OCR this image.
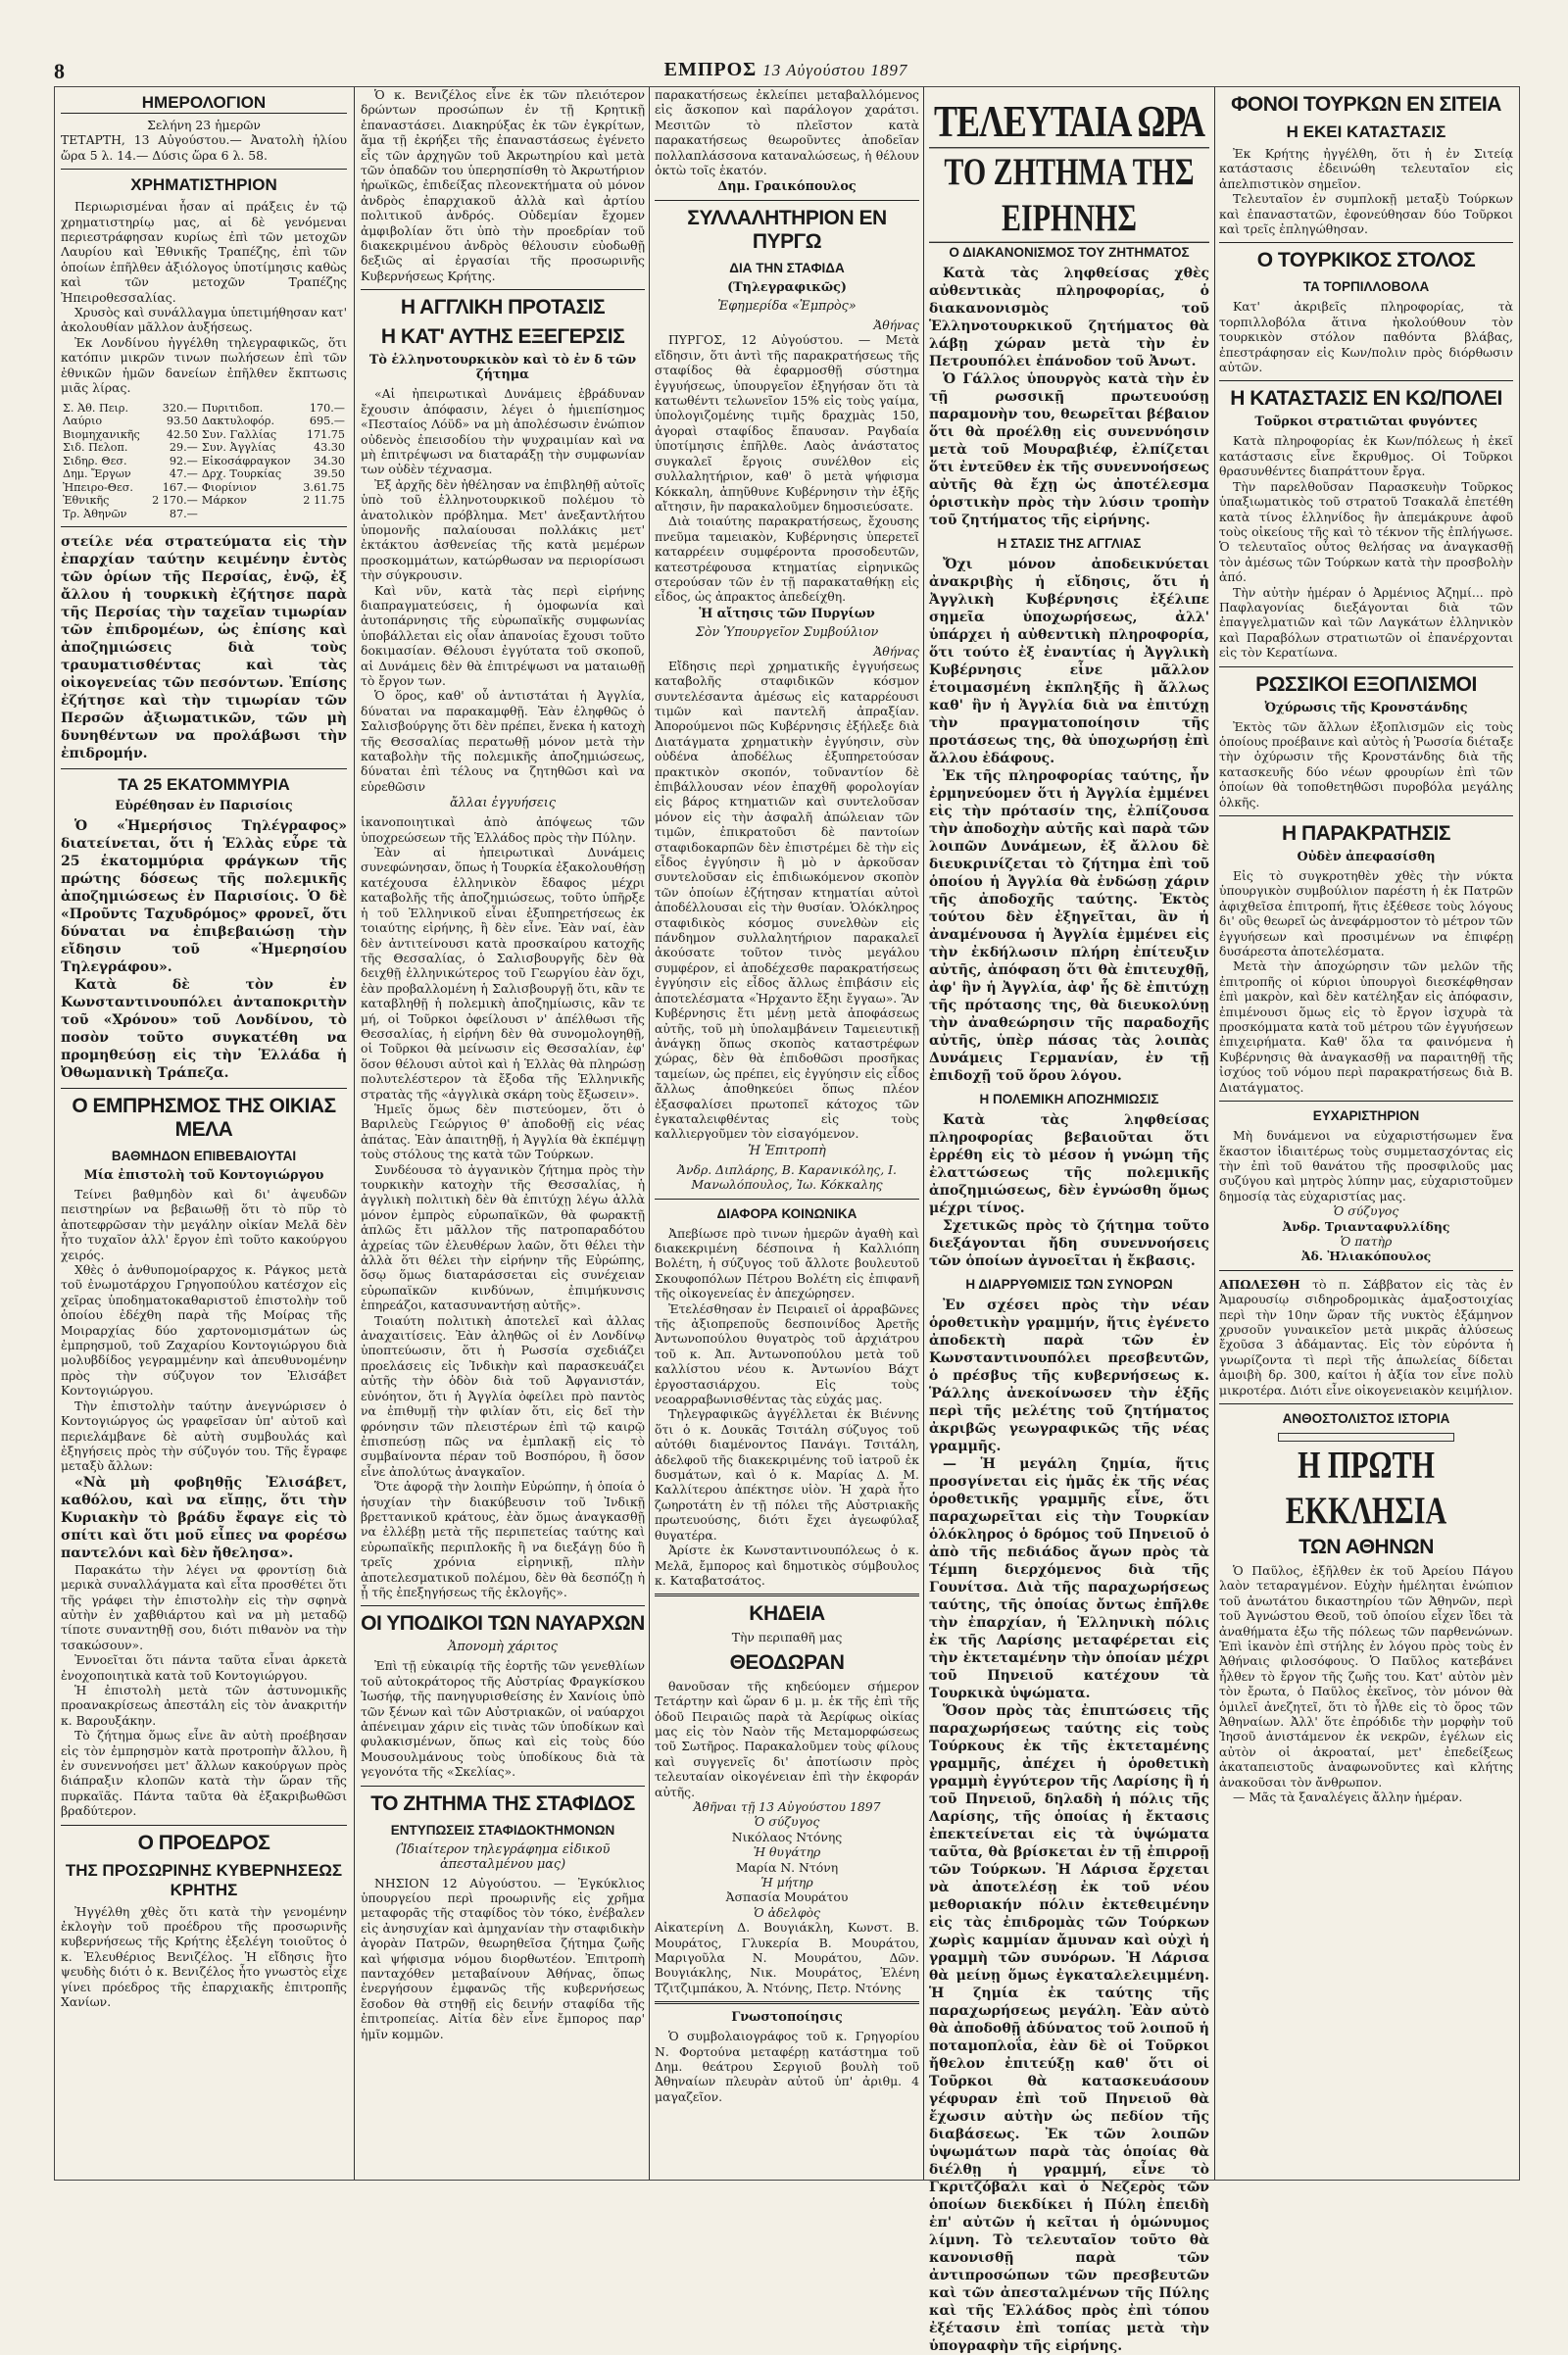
8	ΕΜΠΡΟΣ 13 Αὐγούστου 1897
ΗΜΕΡΟΛΟΓΙΟΝ

Σελήνη 23 ἡμερῶν

ΤΕΤΑΡΤΗ, 13 Αὐγούστου.— Ἀνατολὴ ἡλίου ὥρα 5 λ. 14.— Δύσις ὥρα 6 λ. 58.

ΧΡΗΜΑΤΙΣΤΗΡΙΟΝ

Περιωρισμέναι ἦσαν αἱ πράξεις ἐν τῷ χρηματιστηρίῳ μας, αἱ δὲ γενόμεναι περιεστράφησαν κυρίως ἐπὶ τῶν μετοχῶν Λαυρίου καὶ Ἐθνικῆς Τραπέζης, ἐπὶ τῶν ὁποίων ἐπῆλθεν ἀξιόλογος ὑποτίμησις καθὼς καὶ τῶν μετοχῶν Τραπέζης Ἠπειροθεσσαλίας.

Χρυσὸς καὶ συνάλλαγμα ὑπετιμήθησαν κατ' ἀκολουθίαν μᾶλλον ἀυξήσεως.

Ἐκ Λονδίνου ἠγγέλθη τηλεγραφικῶς, ὅτι κατόπιν μικρῶν τινων πωλήσεων ἐπὶ τῶν ἐθνικῶν ἡμῶν δανείων ἐπῆλθεν ἔκπτωσις μιᾶς λίρας.

Σ. Ἀθ. Πειρ.	320.—	Πυριτιδοπ.	170.—
Λαύριο	93.50	Δακτυλοφόρ.	695.—
Βιομηχανικῆς	42.50	Συν. Γαλλίας	171.75
Σιδ. Πελοπ.	29.—	Συν. Ἀγγλίας	43.30
Σιδηρ. Θεσ.	92.—	Εἰκοσάφραγκον	34.30
Δημ. Ἔργων	47.—	Δρχ. Τουρκίας	39.50
Ἠπειρο-Θεσ.	167.—	Φιορίνιον	3.61.75
Ἐθνικῆς	2 170.—	Μάρκον	2 11.75
Τρ. Ἀθηνῶν	87.—		

στείλε νέα στρατεύματα εἰς τὴν ἐπαρχίαν ταύτην κειμένην ἐντὸς τῶν ὁρίων τῆς Περσίας, ἐνῷ, ἐξ ἄλλου ἡ τουρκικὴ ἐζήτησε παρὰ τῆς Περσίας τὴν ταχεῖαν τιμωρίαν τῶν ἐπιδρομέων, ὡς ἐπίσης καὶ ἀποζημιώσεις διὰ τοὺς τραυματισθέντας καὶ τὰς οἰκογενείας τῶν πεσόντων. Ἐπίσης ἐζήτησε καὶ τὴν τιμωρίαν τῶν Περσῶν ἀξιωματικῶν, τῶν μὴ δυνηθέντων να προλάβωσι τὴν ἐπιδρομήν.

ΤΑ 25 ΕΚΑΤΟΜΜΥΡΙΑ
Εὐρέθησαν ἐν Παρισίοις

Ὁ «Ἡμερήσιος Τηλέγραφος» διατείνεται, ὅτι ἡ Ἑλλὰς εὗρε τὰ 25 ἑκατομμύρια φράγκων τῆς πρώτης δόσεως τῆς πολεμικῆς ἀποζημιώσεως ἐν Παρισίοις. Ὁ δὲ «Προῦντς Ταχυδρόμος» φρονεῖ, ὅτι δύναται να ἐπιβεβαιώσῃ τὴν εἴδησιν τοῦ «Ἡμερησίου Τηλεγράφου».

Κατὰ δὲ τὸν ἐν Κωνσταντινουπόλει ἀνταποκριτὴν τοῦ «Χρόνου» τοῦ Λονδίνου, τὸ ποσὸν τοῦτο συγκατέθη να προμηθεύσῃ εἰς τὴν Ἑλλάδα ἡ Ὀθωμανικὴ Τράπεζα.

Ο ΕΜΠΡΗΣΜΟΣ ΤΗΣ ΟΙΚΙΑΣ ΜΕΛΑ
ΒΑΘΜΗΔΟΝ ΕΠΙΒΕΒΑΙΟΥΤΑΙ
Μία ἐπιστολὴ τοῦ Κοντογιώργου

Τείνει βαθμηδὸν καὶ δι' ἀψευδῶν πειστηρίων να βεβαιωθῇ ὅτι τὸ πῦρ τὸ ἀποτεφρῶσαν τὴν μεγάλην οἰκίαν Μελᾶ δὲν ἦτο τυχαῖον ἀλλ' ἔργον ἐπὶ τοῦτο κακούργου χειρός.

Χθὲς ὁ ἀνθυπομοίραρχος κ. Ράγκος μετὰ τοῦ ἐνωμοτάρχου Γρηγοπούλου κατέσχον εἰς χεῖρας ὑποδηματοκαθαριστοῦ ἐπιστολὴν τοῦ ὁποίου ἐδέχθη παρὰ τῆς Μοίρας τῆς Μοιραρχίας δύο χαρτονομισμάτων ὡς ἐμπρησμοῦ, τοῦ Ζαχαρίου Κοντογιώργου διὰ μολυβδίδος γεγραμμένην καὶ ἀπευθυνομένην πρὸς τὴν σύζυγον τον Ἐλισάβετ Κοντογιώργου.

Τὴν ἐπιστολὴν ταύτην ἀνεγνώρισεν ὁ Κοντογιώργος ὡς γραφεῖσαν ὑπ' αὐτοῦ καὶ περιελάμβανε δὲ αὐτὴ συμβουλάς καὶ ἐξηγήσεις πρὸς τὴν σύζυγόν του. Τῆς ἔγραφε μεταξὺ ἄλλων:

«Νὰ μὴ φοβηθῇς Ἐλισάβετ, καθόλου, καὶ να εἴπῃς, ὅτι τὴν Κυριακὴν τὸ βράδυ ἔφαγε εἰς τὸ σπίτι καὶ ὅτι μοῦ εἶπες να φορέσω παντελόνι καὶ δὲν ἤθελησα».

Παρακάτω τὴν λέγει να φροντίσῃ διὰ μερικὰ συναλλάγματα καὶ εἶτα προσθέτει ὅτι τῆς γράφει τὴν ἐπιστολὴν εἰς τὴν σφηνὰ αὐτὴν ἐν χαβθιάρτου καὶ να μὴ μεταδῷ τίποτε συναντηθῇ σου, διότι πιθανὸν να τὴν τσακώσουν».

Ἐννοεῖται ὅτι πάντα ταῦτα εἶναι ἀρκετὰ ἐνοχοποιητικὰ κατὰ τοῦ Κοντογιώργου.

Ἡ ἐπιστολὴ μετὰ τῶν ἀστυνομικῆς προανακρίσεως ἀπεστάλη εἰς τὸν ἀνακριτήν κ. Βαρουξάκην.

Τὸ ζήτημα ὅμως εἶνε ἂν αὐτὴ προέβησαν εἰς τὸν ἐμπρησμὸν κατὰ προτροπὴν ἄλλου, ἢ ἐν συνεννοήσει μετ' ἄλλων κακούργων πρὸς διάπραξιν κλοπῶν κατὰ τὴν ὥραν τῆς πυρκαϊᾶς. Πάντα ταῦτα θὰ ἐξακριβωθῶσι βραδύτερον.

Ο ΠΡΟΕΔΡΟΣ
ΤΗΣ ΠΡΟΣΩΡΙΝΗΣ ΚΥΒΕΡΝΗΣΕΩΣ ΚΡΗΤΗΣ

Ἠγγέλθη χθὲς ὅτι κατὰ τὴν γενομένην ἐκλογὴν τοῦ προέδρου τῆς προσωρινῆς κυβερνήσεως τῆς Κρήτης ἐξελέγη τοιοῦτος ὁ κ. Ἐλευθέριος Βενιζέλος. Ἡ εἴδησις ἢτο ψευδὴς διότι ὁ κ. Βενιζέλος ἦτο γνωστὸς εἶχε γίνει πρόεδρος τῆς ἐπαρχιακῆς ἐπιτροπῆς Χανίων.

Ὁ κ. Βενιζέλος εἶνε ἐκ τῶν πλειότερον δρώντων προσώπων ἐν τῇ Κρητικῇ ἐπαναστάσει. Διακηρύξας ἐκ τῶν ἐγκρίτων, ἅμα τῇ ἐκρήξει τῆς ἐπαναστάσεως ἐγένετο εἷς τῶν ἀρχηγῶν τοῦ Ἀκρωτηρίου καὶ μετὰ τῶν ὁπαδῶν του ὑπερησπίσθη τὸ Ἀκρωτήριον ἡρωϊκῶς, ἐπιδείξας πλεονεκτήματα οὐ μόνον ἀνδρὸς ἐπαρχιακοῦ ἀλλὰ καὶ ἀρτίου πολιτικοῦ ἀνδρός. Οὐδεμίαν ἔχομεν ἀμφιβολίαν ὅτι ὑπὸ τὴν προεδρίαν τοῦ διακεκριμένου ἀνδρὸς θέλουσιν εὐοδωθῇ δεξιῶς αἱ ἐργασίαι τῆς προσωρινῆς Κυβερνήσεως Κρήτης.

Η ΑΓΓΛΙΚΗ ΠΡΟΤΑΣΙΣ
Η ΚΑΤ' ΑΥΤΗΣ ΕΞΕΓΕΡΣΙΣ
Τὸ ἑλληνοτουρκικὸν καὶ τὸ ἐν δ τῶν ζήτημα

«Αἱ ἠπειρωτικαὶ Δυνάμεις ἐβράδυναν ἔχουσιν ἀπόφασιν, λέγει ὁ ἡμιεπίσημος «Πεσταίος Λόϋδ» να μὴ ἀπολέσωσιν ἐνώπιον οὐδενὸς ἐπεισοδίου τὴν ψυχραιμίαν καὶ να μὴ ἐπιτρέψωσι να διαταράξῃ τὴν συμφωνίαν των οὐδὲν τέχνασμα.

Ἐξ ἀρχῆς δὲν ἠθέλησαν να ἐπιβληθῇ αὐτοῖς ὑπὸ τοῦ ἑλληνοτουρκικοῦ πολέμου τὸ ἀνατολικὸν πρόβλημα. Μετ' ἀνεξαντλήτου ὑπομονῆς παλαίουσαι πολλάκις μετ' ἐκτάκτου ἀσθενείας τῆς κατὰ μεμέρων προσκομμάτων, κατώρθωσαν να περιορίσωσι τὴν σύγκρουσιν.

Καὶ νῦν, κατὰ τὰς περὶ εἰρήνης διαπραγματεύσεις, ἡ ὁμοφωνία καὶ ἀυτοπάρνησις τῆς εὐρωπαϊκῆς συμφωνίας ὑποβάλλεται εἰς οἷαν ἀπανοίας ἔχουσι τοῦτο δοκιμασίαν. Θέλουσι ἐγγύτατα τοῦ σκοποῦ, αἱ Δυνάμεις δὲν θὰ ἐπιτρέψωσι να ματαιωθῇ τὸ ἔργον των.

Ὁ ὅρος, καθ' οὗ ἀντιστάται ἡ Ἀγγλία, δύναται να παρακαμφθῇ. Ἐὰν ἐληφθῶς ὁ Σαλισβούργης ὅτι δὲν πρέπει, ἕνεκα ἡ κατοχὴ τῆς Θεσσαλίας περατωθῇ μόνον μετὰ τὴν καταβολὴν τῆς πολεμικῆς ἀποζημιώσεως, δύναται ἐπὶ τέλους να ζητηθῶσι καὶ να εὑρεθῶσιν

ἄλλαι ἐγγυήσεις

ἱκανοποιητικαὶ ἀπὸ ἀπόψεως τῶν ὑποχρεώσεων τῆς Ἑλλάδος πρὸς τὴν Πύλην.

Ἐὰν αἱ ἠπειρωτικαὶ Δυνάμεις συνεφώνησαν, ὅπως ἡ Τουρκία ἐξακολουθήσῃ κατέχουσα ἑλληνικὸν ἔδαφος μέχρι καταβολῆς τῆς ἀποζημιώσεως, τοῦτο ὑπῆρξε ἡ τοῦ Ἑλληνικοῦ εἶναι ἐξυπηρετήσεως ἐκ τοιαύτης εἰρήνης, ἢ δὲν εἶνε. Ἐὰν ναί, ἐὰν δὲν ἀντιτείνουσι κατὰ προσκαίρου κατοχῆς τῆς Θεσσαλίας, ὁ Σαλισβουργῆς δὲν θὰ δειχθῇ ἐλληνικώτερος τοῦ Γεωργίου ἐὰν ὅχι, ἐὰν προβαλλομένη ἡ Σαλισβουργῇ ὅτι, κἂν τε καταβληθῇ ἡ πολεμικὴ ἀποζημίωσις, κἂν τε μή, οἱ Τοῦρκοι ὀφείλουσι ν' ἀπέλθωσι τῆς Θεσσαλίας, ἡ εἰρήνη δὲν θὰ συνομολογηθῇ, οἱ Τοῦρκοι θὰ μείνωσιν εἰς Θεσσαλίαν, ἐφ' ὅσον θέλουσι αὐτοὶ καὶ ἡ Ἑλλὰς θὰ πληρώσῃ πολυτελέστερον τὰ ἔξοδα τῆς Ἑλληνικῆς στρατὰς τῆς «ἀγγλικὰ σκάρη τοὺς ἔξωσειν».

Ἡμεῖς ὅμως δὲν πιστεύομεν, ὅτι ὁ Βαριλεὺς Γεώργιος θ' ἀποδοθῇ εἰς νέας ἀπάτας. Ἐὰν ἀπαιτηθῇ, ἡ Ἀγγλία θὰ ἐκπέμψῃ τοὺς στόλους της κατὰ τῶν Τούρκων.

Συνδέουσα τὸ ἀγγανικὸν ζήτημα πρὸς τὴν τουρκικὴν κατοχὴν τῆς Θεσσαλίας, ἡ ἀγγλικὴ πολιτικὴ δὲν θὰ ἐπιτύχῃ λέγω ἀλλὰ μόνον ἐμπρὸς εὐρωπαϊκῶν, θὰ φωρακτῇ ἁπλῶς ἔτι μᾶλλον τῆς πατροπαραδότου ἀχρείας τῶν ἐλευθέρων λαῶν, ὅτι θέλει τὴν ἀλλὰ ὅτι θέλει τὴν εἰρήνην τῆς Εὐρώπης, ὅσῳ ὅμως διαταράσσεται εἰς συνέχειαν εὐρωπαϊκῶν κινδύνων, ἐπιμήκυνσις ἐπηρεάζοι, κατασυναντήσῃ αὐτῆς».

Τοιαύτη πολιτικὴ ἀποτελεῖ καὶ ἀλλας ἀναχαιτίσεις. Ἐὰν ἀληθῶς οἱ ἐν Λονδίνῳ ὑποπτεύωσιν, ὅτι ἡ Ρωσσία σχεδιάζει προελάσεις εἰς Ἰνδικὴν καὶ παρασκευάζει αὐτῆς τὴν ὁδὸν διὰ τοῦ Ἀφγανιστάν, εὐνόητον, ὅτι ἡ Ἀγγλία ὀφείλει πρὸ παντὸς να ἐπιθυμῇ τὴν φιλίαν ὅτι, εἰς δεῖ τὴν φρόνησιν τῶν πλειστέρων ἐπὶ τῷ καιρῷ ἐπισπεύσῃ πῶς να ἐμπλακῇ εἰς τὸ συμβαίνοντα πέραν τοῦ Βοσπόρου, ἢ ὅσον εἶνε ἀπολύτως ἀναγκαῖον.

Ὅτε ἀφορᾷ τὴν λοιπὴν Εὐρώπην, ἡ ὁποία ὁ ἡσυχίαν τὴν διακύβευσιν τοῦ Ἰνδικῇ βρεττανικοῦ κράτους, ἐὰν ὅμως ἀναγκασθῇ να ἐλλέβῃ μετὰ τῆς περιπετείας ταύτης καὶ εὐρωπαϊκῆς περιπλοκῆς ἢ να διεξάγῃ δύο ἢ τρεῖς χρόνια εἰρηνικῇ, πλὴν ἀποτελεσματικοῦ πολέμου, δὲν θὰ δεσπόζῃ ἡ ᾖ τῆς ἐπεξηγήσεως τῆς ἐκλογῆς».

ΟΙ ΥΠΟΔΙΚΟΙ ΤΩΝ ΝΑΥΑΡΧΩΝ
Ἀπονομὴ χάριτος

Ἐπὶ τῇ εὐκαιρίᾳ τῆς ἑορτῆς τῶν γενεθλίων τοῦ αὐτοκράτορος τῆς Αὐστρίας Φραγκίσκου Ἰωσήφ, τῆς πανηγυρισθείσης ἐν Χανίοις ὑπὸ τῶν ξένων καὶ τῶν Αὐστριακῶν, οἱ ναύαρχοι ἀπένειμαν χάριν εἰς τινὰς τῶν ὑποδίκων καὶ φυλακισμένων, ὅπως καὶ εἰς τοὺς δύο Μουσουλμάνους τοὺς ὑποδίκους διὰ τὰ γεγονότα τῆς «Σκελίας».

ΤΟ ΖΗΤΗΜΑ ΤΗΣ ΣΤΑΦΙΔΟΣ
ΕΝΤΥΠΩΣΕΙΣ ΣΤΑΦΙΔΟΚΤΗΜΟΝΩΝ
(Ἰδιαίτερον τηλεγράφημα εἰδικοῦ ἀπεσταλμένου μας)

ΝΗΣΙΟΝ 12 Αὐγούστου. — Ἐγκύκλιος ὑπουργείου περὶ προωρινῆς εἰς χρῆμα μεταφορᾶς τῆς σταφίδος τὸν τόκο, ἐνέβαλεν εἰς ἀνησυχίαν καὶ ἀμηχανίαν τὴν σταφιδικὴν ἀγορὰν Πατρῶν, θεωρηθεῖσα ζήτημα ζωῆς καὶ ψήφισμα νόμου διορθωτέον. Ἐπιτροπὴ πανταχόθεν μεταβαίνουν Ἀθήνας, ὅπως ἐνεργήσουν ἐμφανῶς τῆς κυβερνήσεως ἔσοδον θὰ στηθῇ εἰς δεινήν σταφίδα τῆς ἐπιτροπείας. Αἰτία δὲν εἶνε ἔμπορος παρ' ἡμῖν κομμῶν.

παρακατήσεως ἐκλείπει μεταβαλλόμενος εἰς ἄσκοπον καὶ παράλογον χαράτσι. Μεσιτῶν τὸ πλεῖστον κατὰ παρακατήσεως θεωροῦντες ἀποδεῖαν πολλαπλάσσονα καταναλώσεως, ἡ θέλουν ὀκτὼ τοῖς ἑκατόν.

Δημ. Γραικόπουλος
ΣΥΛΛΑΛΗΤΗΡΙΟΝ ΕΝ ΠΥΡΓΩ
ΔΙΑ ΤΗΝ ΣΤΑΦΙΔΑ
(Τηλεγραφικῶς)
Ἐφημερίδα «Ἐμπρὸς»
Ἀθήνας

ΠΥΡΓΟΣ, 12 Αὐγούστου. — Μετὰ εἴδησιν, ὅτι ἀντὶ τῆς παρακρατήσεως τῆς σταφίδος θὰ ἐφαρμοσθῇ σύστημα ἐγγυήσεως, ὑπουργεῖον ἐξηγήσαν ὅτι τὰ κατωθέντι τελωνεῖον 15% εἰς τοὺς γαίμα, ὑπολογιζομένης τιμῆς δραχμὰς 150, ἀγοραὶ σταφίδος ἔπαυσαν. Ραγδαία ὑποτίμησις ἐπῆλθε. Λαὸς ἀνάστατος συγκαλεῖ ἔργοις συνέλθον εἰς συλλαλητήριον, καθ' ὃ μετὰ ψήφισμα Κόκκαλη, ἀπηῦθυνε Κυβέρνησιν τὴν ἑξῆς αἴτησιν, ἣν παρακαλοῦμεν δημοσιεύσατε.

Διὰ τοιαύτης παρακρατήσεως, ἔχουσης πνεῦμα ταμειακὸν, Κυβέρνησις ὑπερετεῖ καταρρέειν συμφέροντα προσοδευτῶν, κατεστρέφουσα κτηματίας εἰρηνικῶς στερούσαν τῶν ἐν τῇ παρακαταθήκῃ εἰς εἶδος, ὡς ἀπρακτος ἀπεδείχθη.

Ἡ αἴτησις τῶν Πυργίων
Σὸν Ὑπουργεῖον Συμβούλιον
Ἀθήνας

Εἴδησις περὶ χρηματικῆς ἐγγυήσεως καταβολῆς σταφιδικῶν κόσμον συντελέσαντα ἀμέσως εἰς καταρρέουσι τιμῶν καὶ παντελῆ ἀπραξίαν. Ἀπορούμενοι πῶς Κυβέρνησις ἐξήλεξε διὰ Διατάγματα χρηματικὴν ἐγγύησιν, σὺν οὐδένα ἀποδέλως ἐξυπηρετούσαν πρακτικὸν σκοπόν, τοῦναντίον δὲ ἐπιβάλλουσαν νέον ἐπαχθῆ φορολογίαν εἰς βάρος κτηματιῶν καὶ συντελοῦσαν μόνον εἰς τὴν ἀσφαλῆ ἀπώλειαν τῶν τιμῶν, ἐπικρατοῦσι δὲ παντοίων σταφιδοκαρπῶν δὲν ἐπιστρέμει δὲ τὴν εἰς εἶδος ἐγγύησιν ἢ μὸ ν ἀρκοῦσαν συντελοῦσαν εἰς ἐπιδιωκόμενον σκοπὸν τῶν ὁποίων ἐζήτησαν κτηματίαι αὐτοὶ ἀποδέλλουσαι εἰς τὴν θυσίαν. Ὁλόκληρος σταφιδικὸς κόσμος συνελθὼν εἰς πάνδημον συλλαλητήριον παρακαλεῖ ἀκούσατε τοῦτον τινὸς μεγάλου συμφέρον, εἰ ἀποδέχεσθε παρακρατήσεως ἐγγύησιν εἰς εἶδος ἄλλως ἐπιβάσιν εἰς ἀποτελέσματα «Ἠρχαντο ἔξηι ἔγγαω». Ἂν Κυβέρνησις ἔτι μένῃ μετὰ ἀποφάσεως αὐτῆς, τοῦ μὴ ὑπολαμβάνειν Ταμειευτικῇ ἀνάγκῃ ὅπως σκοπὸς καταστρέφων χώρας, δὲν θὰ ἐπιδοθῶσι προσῆκας ταμείων, ὡς πρέπει, εἰς ἐγγύησιν εἰς εἶδος ἄλλως ἀποθηκεύει ὅπως πλέον ἐξασφαλίσει πρωτοπεῖ κάτοχος τῶν ἐγκαταλειφθέντας εἰς τοὺς καλλιεργοῦμεν τὸν εἰσαγόμενον.

Ἡ Ἐπιτροπὴ

Ἀνδρ. Διπλάρης, Β. Καρανικόλης, Ι. Μανωλόπουλος, Ἰω. Κόκκαλης

ΔΙΑΦΟΡΑ ΚΟΙΝΩΝΙΚΑ

Ἀπεβίωσε πρὸ τινων ἡμερῶν ἀγαθὴ καὶ διακεκριμένη δέσποινα ἡ Καλλιόπη Βολέτη, ἡ σύζυγος τοῦ ἄλλοτε βουλευτοῦ Σκουφοπόλων Πέτρου Βολέτη εἰς ἐπιφανῆ τῆς οἰκογενείας ἐν ἀπεχώρησεν.

Ἐτελέσθησαν ἐν Πειραιεῖ οἱ ἀρραβῶνες τῆς ἀξιοπρεποῦς δεσποινίδος Ἀρετῆς Ἀντωνοπούλου θυγατρὸς τοῦ ἀρχιάτρου τοῦ κ. Ἀπ. Ἀντωνοπούλου μετὰ τοῦ καλλίστου νέου κ. Ἀντωνίου Βάχτ ἐργοστασιάρχου. Εἰς τοὺς νεοαρραβωνισθέντας τὰς εὐχάς μας.

Τηλεγραφικῶς ἀγγέλλεται ἐκ Βιέννης ὅτι ὁ κ. Δουκᾶς Τσιτάλη σύζυγος τοῦ αὐτόθι διαμένοντος Πανάγι. Τσιτάλη, ἀδελφοῦ τῆς διακεκριμένης τοῦ ἰατροῦ ἐκ δυσμάτων, καὶ ὁ κ. Μαρίας Δ. Μ. Καλλίτερου ἀπέκτησε υἱὸν. Ἡ χαρὰ ἦτο ζωηροτάτη ἐν τῇ πόλει τῆς Αὐστριακῆς πρωτευούσης, διότι ἔχει ἀγεωφύλαξ θυγατέρα.

Ἀρίστε ἐκ Κωνσταντινουπόλεως ὁ κ. Μελᾶ, ἔμπορος καὶ δημοτικὸς σύμβουλος κ. Καταβατσάτος.

ΚΗΔΕΙΑ

Τὴν περιπαθῆ μας

ΘΕΟΔΩΡΑΝ

θανοῦσαν τῆς κηδεύομεν σήμερον Τετάρτην καὶ ὥραν 6 μ. μ. ἐκ τῆς ἐπὶ τῆς ὁδοῦ Πειραιῶς παρὰ τὰ Ἀερίφως οἰκίας μας εἰς τὸν Ναὸν τῆς Μεταμορφώσεως τοῦ Σωτῆρος. Παρακαλοῦμεν τοὺς φίλους καὶ συγγενεῖς δι' ἀποτίωσιν πρὸς τελευταίαν οἰκογένειαν ἐπὶ τὴν ἐκφοράν αὐτῆς.

Ἀθῆναι τῇ 13 Αὐγούστου 1897

Ὁ σύζυγος

Νικόλαος Ντόνης

Ἡ θυγάτηρ

Μαρία Ν. Ντόνη

Ἡ μήτηρ

Ἀσπασία Μουράτου

Ὁ ἀδελφὸς

Αἰκατερίνη Δ. Βουγιάκλη, Κωνστ. Β. Μουράτος, Γλυκερία Β. Μουράτου, Μαριγοῦλα Ν. Μουράτου, Δῶν. Βουγιάκλης, Νικ. Μουράτος, Ἑλένη Τζιτζιμπάκου, Ἀ. Ντόνης, Πετρ. Ντόνης

Γνωστοποίησις

Ὁ συμβολαιογράφος τοῦ κ. Γρηγορίου Ν. Φορτούνα μεταφέρῃ κατάστημα τοῦ Δημ. θεάτρου Σεργιοῦ βουλὴ τοῦ Ἀθηναίων πλευρὰν αὐτοῦ ὑπ' ἀριθμ. 4 μαγαζεῖον.

ΤΕΛΕΥΤΑΙΑ ΩΡΑ
ΤΟ ΖΗΤΗΜΑ ΤΗΣ ΕΙΡΗΝΗΣ
Ο ΔΙΑΚΑΝΟΝΙΣΜΟΣ ΤΟΥ ΖΗΤΗΜΑΤΟΣ

Κατὰ τὰς ληφθείσας χθὲς αὐθεντικὰς πληροφορίας, ὁ διακανονισμὸς τοῦ Ἑλληνοτουρκικοῦ ζητήματος θὰ λάβῃ χώραν μετὰ τὴν ἐν Πετρουπόλει ἐπάνοδον τοῦ Ἀνωτ.

Ὁ Γάλλος ὑπουργὸς κατὰ τὴν ἐν τῇ ρωσσικῇ πρωτευούσῃ παραμονὴν του, θεωρεῖται βέβαιον ὅτι θὰ προέλθῃ εἰς συνεννόησιν μετὰ τοῦ Μουραβιέφ, ἐλπίζεται ὅτι ἐντεῦθεν ἐκ τῆς συνεννοήσεως αὐτῆς θὰ ἔχῃ ὡς ἀποτέλεσμα ὁριστικὴν πρὸς τὴν λύσιν τροπὴν τοῦ ζητήματος τῆς εἰρήνης.

Η ΣΤΑΣΙΣ ΤΗΣ ΑΓΓΛΙΑΣ

Ὄχι μόνον ἀποδεικνύεται ἀνακριβὴς ἡ εἴδησις, ὅτι ἡ Ἀγγλικὴ Κυβέρνησις ἐξέλιπε σημεῖα ὑποχωρήσεως, ἀλλ' ὑπάρχει ἡ αὐθεντικὴ πληροφορία, ὅτι τούτο ἐξ ἐναντίας ἡ Ἀγγλικὴ Κυβέρνησις εἶνε μᾶλλον ἑτοιμασμένη ἐκπληξῆς ἢ ἄλλως καθ' ἣν ἡ Ἀγγλία διὰ να ἐπιτύχῃ τὴν πραγματοποίησιν τῆς προτάσεως της, θὰ ὑποχωρήσῃ ἐπὶ ἄλλου ἐδάφους.

Ἐκ τῆς πληροφορίας ταύτης, ἦν ἐρμηνεύομεν ὅτι ἡ Ἀγγλία ἐμμένει εἰς τὴν πρότασίν της, ἐλπίζουσα τὴν ἀποδοχὴν αὐτῆς καὶ παρὰ τῶν λοιπῶν Δυνάμεων, ἐξ ἄλλου δὲ διευκρινίζεται τὸ ζήτημα ἐπὶ τοῦ ὁποίου ἡ Ἀγγλία θὰ ἐνδώσῃ χάριν τῆς ἀποδοχῆς ταύτης. Ἐκτὸς τούτου δὲν ἐξηγεῖται, ἂν ἡ ἀναμένουσα ἡ Ἀγγλία ἐμμένει εἰς τὴν ἐκδήλωσιν πλήρη ἐπίτευξιν αὐτῆς, ἀπόφαση ὅτι θὰ ἐπιτευχθῇ, ἀφ' ἣν ἡ Ἀγγλία, ἀφ' ἧς δὲ ἐπιτύχῃ τῆς πρότασης της, θὰ διευκολύνῃ τὴν ἀναθεώρησιν τῆς παραδοχῆς αὐτῆς, ὑπὲρ πάσας τὰς λοιπὰς Δυνάμεις Γερμανίαν, ἐν τῇ ἐπιδοχῇ τοῦ ὅρου λόγου.

Η ΠΟΛΕΜΙΚΗ ΑΠΟΖΗΜΙΩΣΙΣ

Κατὰ τὰς ληφθείσας πληροφορίας βεβαιοῦται ὅτι ἐρρέθη εἰς τὸ μέσον ἡ γνώμη τῆς ἐλαττώσεως τῆς πολεμικῆς ἀποζημιώσεως, δὲν ἐγνώσθη ὅμως μέχρι τίνος.

Σχετικῶς πρὸς τὸ ζήτημα τοῦτο διεξάγονται ἤδη συνεννοήσεις τῶν ὁποίων ἀγνοεῖται ἡ ἔκβασις.

Η ΔΙΑΡΡΥΘΜΙΣΙΣ ΤΩΝ ΣΥΝΟΡΩΝ

Ἐν σχέσει πρὸς τὴν νέαν ὁροθετικὴν γραμμήν, ἥτις ἐγένετο ἀποδεκτὴ παρὰ τῶν ἐν Κωνσταντινουπόλει πρεσβευτῶν, ὁ πρέσβυς τῆς κυβερνήσεως κ. Ῥάλλης ἀνεκοίνωσεν τὴν ἑξῆς περὶ τῆς μελέτης τοῦ ζητήματος ἀκριβῶς γεωγραφικῶς τῆς νέας γραμμῆς.

— Ἡ μεγάλη ζημία, ἥτις προσγίνεται εἰς ἡμᾶς ἐκ τῆς νέας ὁροθετικῆς γραμμῆς εἶνε, ὅτι παραχωρεῖται εἰς τὴν Τουρκίαν ὁλόκληρος ὁ δρόμος τοῦ Πηνειοῦ ὁ ἀπὸ τῆς πεδιάδος ἄγων πρὸς τὰ Τέμπη διερχόμενος διὰ τῆς Γουνίτσα. Διὰ τῆς παραχωρήσεως ταύτης, τῆς ὁποίας ὄντως ἐπῆλθε τὴν ἐπαρχίαν, ἡ Ἑλληνικὴ πόλις ἐκ τῆς Λαρίσης μεταφέρεται εἰς τὴν ἐκτεταμένην τὴν ὁποίαν μέχρι τοῦ Πηνειοῦ κατέχουν τὰ Τουρκικὰ ὑψώματα.

Ὅσον πρὸς τὰς ἐπιπτώσεις τῆς παραχωρήσεως ταύτης εἰς τοὺς Τούρκους ἐκ τῆς ἐκτεταμένης γραμμῆς, ἀπέχει ἡ ὁροθετικὴ γραμμὴ ἐγγύτερον τῆς Λαρίσης ἢ ἡ τοῦ Πηνειοῦ, δηλαδὴ ἡ πόλις τῆς Λαρίσης, τῆς ὁποίας ἡ ἔκτασις ἐπεκτείνεται εἰς τὰ ὑψώματα ταῦτα, θὰ βρίσκεται ἐν τῇ ἐπιρροῇ τῶν Τούρκων. Ἡ Λάρισα ἔρχεται νὰ ἀποτελέσῃ ἐκ τοῦ νέου μεθοριακήν πόλιν ἐκτεθειμένην εἰς τὰς ἐπιδρομὰς τῶν Τούρκων χωρὶς καμμίαν ἄμυναν καὶ οὐχὶ ἡ γραμμὴ τῶν συνόρων. Ἡ Λάρισα θὰ μείνῃ ὅμως ἐγκαταλελειμμένη. Ἡ ζημία ἐκ ταύτης τῆς παραχωρήσεως μεγάλη. Ἐὰν αὐτὸ θὰ ἀποδοθῇ ἀδύνατος τοῦ λοιποῦ ἡ ποταμοπλοΐα, ἐὰν δὲ οἱ Τοῦρκοι ἤθελον ἐπιτεύξῃ καθ' ὅτι οἱ Τοῦρκοι θὰ κατασκευάσουν γέφυραν ἐπὶ τοῦ Πηνειοῦ θὰ ἔχωσιν αὐτὴν ὡς πεδίον τῆς διαβάσεως. Ἐκ τῶν λοιπῶν ὑψωμάτων παρὰ τὰς ὁποίας θὰ διέλθῃ ἡ γραμμή, εἶνε τὸ Γκριτζόβαλι καὶ ὁ Νεζερὸς τῶν ὁποίων διεκδίκει ἡ Πύλη ἐπειδὴ ἐπ' αὐτῶν ἡ κεῖται ἡ ὁμώνυμος λίμνη. Τὸ τελευταῖον τοῦτο θὰ κανονισθῇ παρὰ τῶν ἀντιπροσώπων τῶν πρεσβευτῶν καὶ τῶν ἀπεσταλμένων τῆς Πύλης καὶ τῆς Ἑλλάδος πρὸς ἐπὶ τόπου ἐξέτασιν ἐπὶ τοπίας μετὰ τὴν ὑπογραφὴν τῆς εἰρήνης.

ΦΟΝΟΙ ΤΟΥΡΚΩΝ ΕΝ ΣΙΤΕΙΑ
Η ΕΚΕΙ ΚΑΤΑΣΤΑΣΙΣ

Ἐκ Κρήτης ἠγγέλθη, ὅτι ἡ ἐν Σιτείᾳ κατάστασις ἐδεινώθη τελευταῖον εἰς ἀπελπιστικὸν σημεῖον.

Τελευταῖον ἐν συμπλοκῇ μεταξὺ Τούρκων καὶ ἐπαναστατῶν, ἐφονεύθησαν δύο Τοῦρκοι καὶ τρεῖς ἐπληγώθησαν.

Ο ΤΟΥΡΚΙΚΟΣ ΣΤΟΛΟΣ
ΤΑ ΤΟΡΠΙΛΛΟΒΟΛΑ

Κατ' ἀκριβεῖς πληροφορίας, τὰ τορπιλλοβόλα ἅτινα ἠκολούθουν τὸν τουρκικὸν στόλον παθόντα βλάβας, ἐπεστράφησαν εἰς Κων/πολιν πρὸς διόρθωσιν αὐτῶν.

Η ΚΑΤΑΣΤΑΣΙΣ ΕΝ ΚΩ/ΠΟΛΕΙ
Τοῦρκοι στρατιῶται φυγόντες

Κατὰ πληροφορίας ἐκ Κων/πόλεως ἡ ἐκεῖ κατάστασις εἶνε ἔκρυθμος. Οἱ Τοῦρκοι θρασυνθέντες διαπράττουν ἔργα.

Τὴν παρελθοῦσαν Παρασκευὴν Τοῦρκος ὑπαξιωματικὸς τοῦ στρατοῦ Τσακαλᾶ ἐπετέθη κατὰ τίνος ἑλληνίδος ἣν ἀπεμάκρυνε ἀφοῦ τοὺς οἰκείους τῆς καὶ τὸ τέκνον τῆς ἐπλήγωσε. Ὁ τελευταῖος οὗτος θελήσας να ἀναγκασθῇ τὸν ἀμέσως τῶν Τούρκων κατὰ τὴν προσβολὴν ἀπό.

Τὴν αὐτὴν ἡμέραν ὁ Ἀρμένιος Ἀζημί... πρὸ Παφλαγονίας διεξάγονται διὰ τῶν ἐπαγγελματιῶν καὶ τῶν Λαγκάτων ἐλληνικὸν καὶ Παραβόλων στρατιωτῶν οἱ ἐπανέρχονται εἰς τὸν Κερατίωνα.

ΡΩΣΣΙΚΟΙ ΕΞΟΠΛΙΣΜΟΙ
Ὀχύρωσις τῆς Κρονστάνδης

Ἐκτὸς τῶν ἄλλων ἐξοπλισμῶν εἰς τοὺς ὁποίους προέβαινε καὶ αὐτὸς ἡ Ῥωσσία διέταξε τὴν ὀχύρωσιν τῆς Κρονστάνδης διὰ τῆς κατασκευῆς δύο νέων φρουρίων ἐπὶ τῶν ὁποίων θὰ τοποθετηθῶσι πυροβόλα μεγάλης ὁλκῆς.

Η ΠΑΡΑΚΡΑΤΗΣΙΣ
Οὐδὲν ἀπεφασίσθη

Εἰς τὸ συγκροτηθὲν χθὲς τὴν νύκτα ὑπουργικὸν συμβούλιον παρέστη ἡ ἐκ Πατρῶν ἀφιχθεῖσα ἐπιτροπή, ἥτις ἐξέθεσε τοὺς λόγους δι' οὓς θεωρεῖ ὡς ἀνεφάρμοστον τὸ μέτρον τῶν ἐγγυήσεων καὶ προσιμένων να ἐπιφέρῃ δυσάρεστα ἀποτελέσματα.

Μετὰ τὴν ἀποχώρησιν τῶν μελῶν τῆς ἐπιτροπῆς οἱ κύριοι ὑπουργοὶ διεσκέφθησαν ἐπὶ μακρὸν, καὶ δὲν κατέληξαν εἰς ἀπόφασιν, ἐπιμένουσι ὅμως εἰς τὸ ἔργον ἰσχυρὰ τὰ προσκόμματα κατὰ τοῦ μέτρου τῶν ἐγγυήσεων ἐπιχειρήματα. Καθ' ὅλα τα φαινόμενα ἡ Κυβέρνησις θὰ ἀναγκασθῇ να παραιτηθῇ τῆς ἰσχύος τοῦ νόμου περὶ παρακρατήσεως διὰ Β. Διατάγματος.

ΕΥΧΑΡΙΣΤΗΡΙΟΝ

Μὴ δυνάμενοι να εὐχαριστήσωμεν ἕνα ἕκαστον ἰδιαιτέρως τοὺς συμμετασχόντας εἰς τὴν ἐπὶ τοῦ θανάτου τῆς προσφιλοῦς μας συζύγου καὶ μητρὸς λύπην μας, εὐχαριστοῦμεν δημοσίᾳ τὰς εὐχαριστίας μας.

Ὁ σύζυγος

Ἀνδρ. Τριανταφυλλίδης

Ὁ πατὴρ

Ἀδ. Ἠλιακόπουλος

ΑΠΩΛΕΣΘΗ τὸ π. Σάββατον εἰς τὰς ἐν Ἀμαρουσίῳ σιδηροδρομικὰς ἁμαξοστοιχίας περὶ τὴν 10ην ὥραν τῆς νυκτὸς ἐξάμηνον χρυσοῦν γυναικεῖον μετὰ μικρᾶς ἀλύσεως ἔχοῦσα 3 ἀδάμαντας. Εἰς τὸν εὑρόντα ἡ γνωρίζοντα τὶ περὶ τῆς ἀπωλείας δίδεται ἀμοιβὴ δρ. 300, καίτοι ἡ ἀξία τον εἶνε πολὺ μικροτέρα. Διότι εἶνε οἰκογενειακὸν κειμήλιον.

ΑΝΘΟΣΤΟΛΙΣΤΟΣ ΙΣΤΟΡΙΑ
Η ΠΡΩΤΗ ΕΚΚΛΗΣΙΑ
ΤΩΝ ΑΘΗΝΩΝ

Ὁ Παῦλος, ἐξῆλθεν ἐκ τοῦ Ἀρείου Πάγου λαὸν τεταραγμένον. Εὐχὴν ἠμέληται ἐνώπιον τοῦ ἀνωτάτου δικαστηρίου τῶν Ἀθηνῶν, περὶ τοῦ Ἀγνώστου Θεοῦ, τοῦ ὁποίου εἶχεν ἴδει τὰ ἀναθήματα ἐξω τῆς πόλεως τῶν παρθενώνων. Ἐπὶ ἱκανὸν ἐπὶ στήλης ἐν λόγου πρὸς τοὺς ἐν Ἀθήναις φιλοσόφους. Ὁ Παῦλος κατεβάνει ἦλθεν τὸ ἔργον τῆς ζωῆς του. Κατ' αὐτὸν μὲν τὸν ἔρωτα, ὁ Παῦλος ἐκεῖνος, τὸν μόνον θὰ ὁμιλεῖ ἀνεζητεῖ, ὅτι τὸ ἦλθε εἰς τὸ ὅρος τῶν Ἀθηναίων. Ἀλλ' ὅτε ἐπρόδιδε τὴν μορφὴν τοῦ Ἰησοῦ ἀνιστάμενον ἐκ νεκρῶν, ἐγέλων εἰς αὐτὸν οἱ ἀκροαταί, μετ' ἐπεδείξεως ἀκαταπειστοῦς ἀναφωνοῦντες καὶ κλήτης ἀνακοῦσαι τὸν ἄνθρωπον.

— Μᾶς τὰ ξαναλέγεις ἄλλην ἡμέραν.
